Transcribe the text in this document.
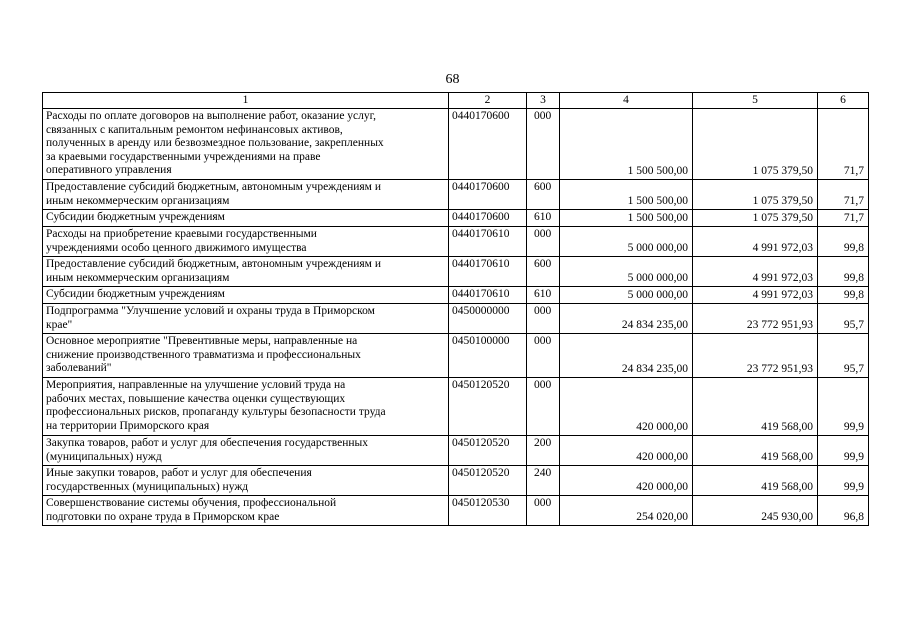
68
1	2	3	4	5	6

Расходы по оплате договоров на выполнение работ, оказание услуг,
связанных с капитальным ремонтом нефинансовых активов,
полученных в аренду или безвозмездное пользование, закрепленных
за краевыми государственными учреждениями на праве
оперативного управления	0440170600	000	1 500 500,00	1 075 379,50	71,7

Предоставление субсидий бюджетным, автономным учреждениям и
иным некоммерческим организациям	0440170600	600	1 500 500,00	1 075 379,50	71,7

Субсидии бюджетным учреждениям	0440170600	610	1 500 500,00	1 075 379,50	71,7

Расходы на приобретение краевыми государственными
учреждениями особо ценного движимого имущества	0440170610	000	5 000 000,00	4 991 972,03	99,8

Предоставление субсидий бюджетным, автономным учреждениям и
иным некоммерческим организациям	0440170610	600	5 000 000,00	4 991 972,03	99,8

Субсидии бюджетным учреждениям	0440170610	610	5 000 000,00	4 991 972,03	99,8

Подпрограмма "Улучшение условий и охраны труда в Приморском
крае"	0450000000	000	24 834 235,00	23 772 951,93	95,7

Основное мероприятие "Превентивные меры, направленные на
снижение производственного травматизма и профессиональных
заболеваний"	0450100000	000	24 834 235,00	23 772 951,93	95,7

Мероприятия, направленные на улучшение условий труда на
рабочих местах, повышение качества оценки существующих
профессиональных рисков, пропаганду культуры безопасности труда
на территории Приморского края	0450120520	000	420 000,00	419 568,00	99,9

Закупка товаров, работ и услуг для обеспечения государственных
(муниципальных) нужд	0450120520	200	420 000,00	419 568,00	99,9

Иные закупки товаров, работ и услуг для обеспечения
государственных (муниципальных) нужд	0450120520	240	420 000,00	419 568,00	99,9

Совершенствование системы обучения, профессиональной
подготовки по охране труда в Приморском крае	0450120530	000	254 020,00	245 930,00	96,8
